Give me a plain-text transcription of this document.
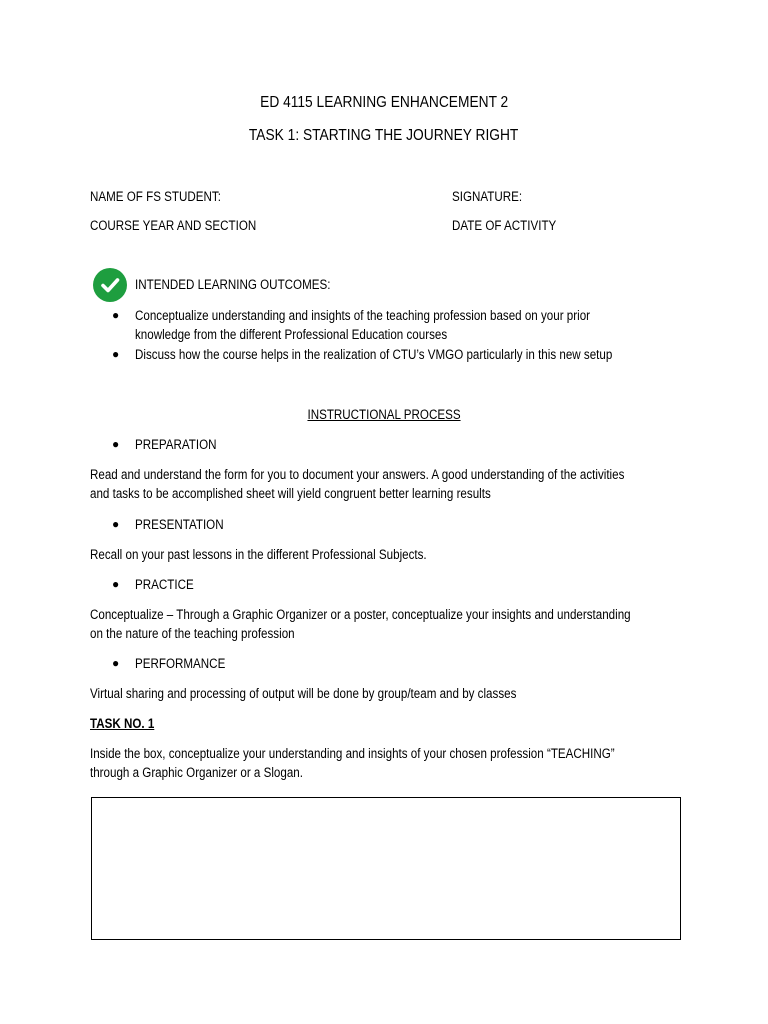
ED 4115 LEARNING ENHANCEMENT 2
TASK 1: STARTING THE JOURNEY RIGHT
NAME OF FS STUDENT:	SIGNATURE:
COURSE YEAR AND SECTION	DATE OF ACTIVITY
INTENDED LEARNING OUTCOMES:
● Conceptualize understanding and insights of the teaching profession based on your prior
knowledge from the different Professional Education courses
● Discuss how the course helps in the realization of CTU’s VMGO particularly in this new setup
INSTRUCTIONAL PROCESS
● PREPARATION
Read and understand the form for you to document your answers. A good understanding of the activities
and tasks to be accomplished sheet will yield congruent better learning results
● PRESENTATION
Recall on your past lessons in the different Professional Subjects.
● PRACTICE
Conceptualize – Through a Graphic Organizer or a poster, conceptualize your insights and understanding
on the nature of the teaching profession
● PERFORMANCE
Virtual sharing and processing of output will be done by group/team and by classes
TASK NO. 1
Inside the box, conceptualize your understanding and insights of your chosen profession “TEACHING”
through a Graphic Organizer or a Slogan.
